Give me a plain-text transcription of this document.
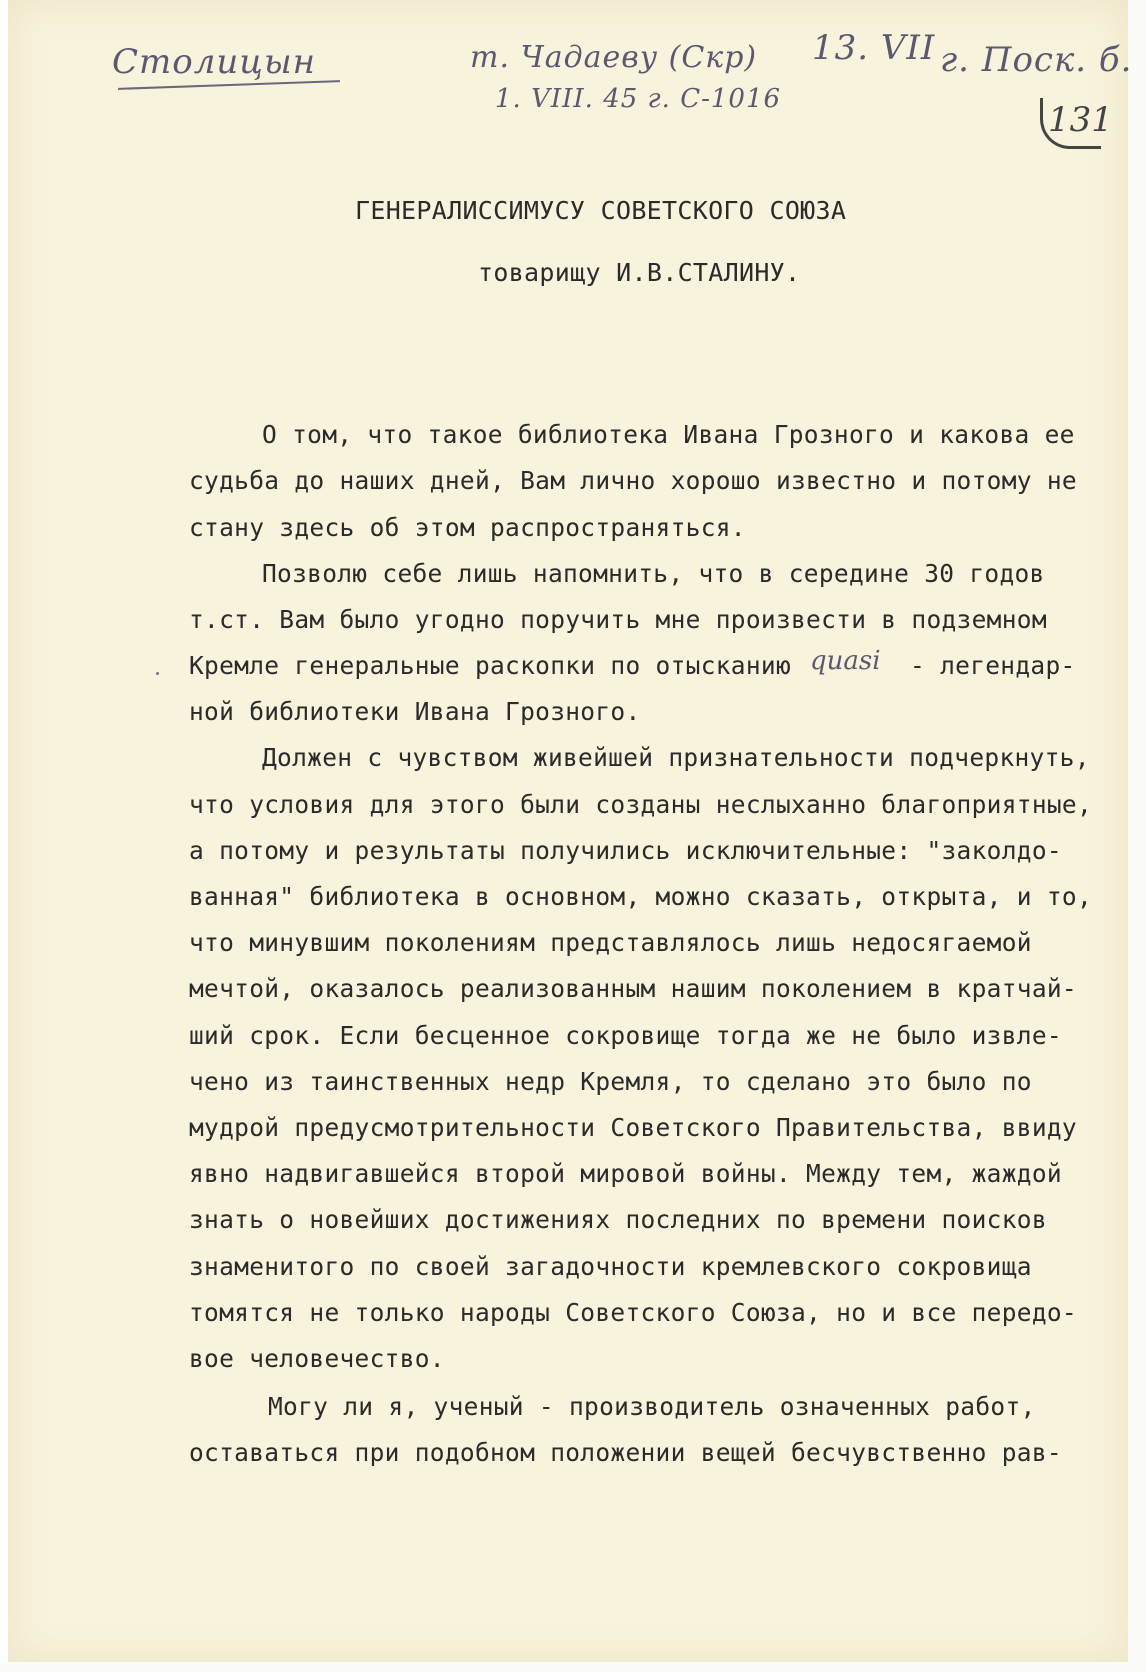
Столицын	т. Чадаеву (Скр)
1. VIII. 45 г. С-1016
13. VII г. Поск. б.
131
ГЕНЕРАЛИССИМУСУ СОВЕТСКОГО СОЮЗА
товарищу И.В.СТАЛИНУ.
О том, что такое библиотека Ивана Грозного и какова ее
судьба до наших дней, Вам лично хорошо известно и потому не
стану здесь об этом распространяться.
Позволю себе лишь напомнить, что в середине 30 годов
т.ст. Вам было угодно поручить мне произвести в подземном
Кремле генеральные раскопки по отысканию quasi - легендар-
ной библиотеки Ивана Грозного.
Должен с чувством живейшей признательности подчеркнуть,
что условия для этого были созданы неслыханно благоприятные,
а потому и результаты получились исключительные: "заколдо-
ванная" библиотека в основном, можно сказать, открыта, и то,
что минувшим поколениям представлялось лишь недосягаемой
мечтой, оказалось реализованным нашим поколением в кратчай-
ший срок. Если бесценное сокровище тогда же не было извле-
чено из таинственных недр Кремля, то сделано это было по
мудрой предусмотрительности Советского Правительства, ввиду
явно надвигавшейся второй мировой войны. Между тем, жаждой
знать о новейших достижениях последних по времени поисков
знаменитого по своей загадочности кремлевского сокровища
томятся не только народы Советского Союза, но и все передо-
вое человечество.
Могу ли я, ученый - производитель означенных работ,
оставаться при подобном положении вещей бесчувственно рав-
